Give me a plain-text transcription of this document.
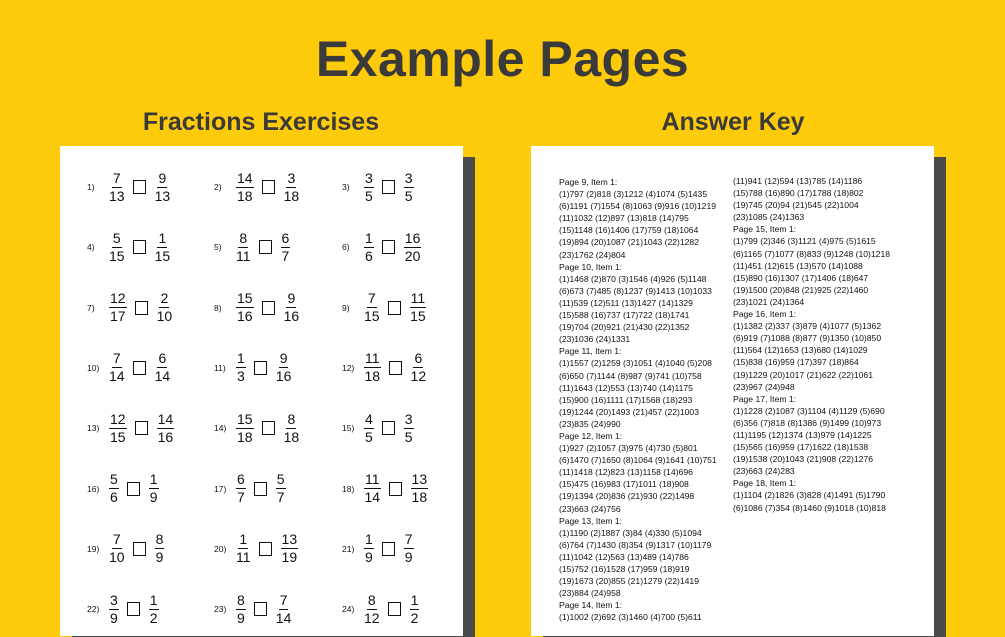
Example Pages
Fractions Exercises	Answer Key
1)	$\frac{7}{13} \frac{9}{13}$	2)	$\frac{14}{18} \frac{3}{18}$	3)	$\frac{3}{5} \frac{3}{5}$
4)	$\frac{5}{15} \frac{1}{15}$	5)	$\frac{8}{11} \frac{6}{7}$	6)	$\frac{1}{6} \frac{16}{20}$
7)	$\frac{12}{17} \frac{2}{10}$	8)	$\frac{15}{16} \frac{9}{16}$	9)	$\frac{7}{15} \frac{11}{15}$
$10) \frac{7}{14} \frac{6}{14}$	$11) \frac{1}{3} \frac{9}{16}$	$12) \frac{11}{18} \frac{6}{12}$
$13) \frac{12}{15} \frac{14}{16}$	$14) \frac{15}{18} \frac{8}{18}$	$15) \frac{4}{5} \frac{3}{5}$
$16) \frac{5}{6} \frac{1}{9}$	$17) \frac{6}{7} \frac{5}{7}$	$18) \frac{11}{14} \frac{13}{18}$
$19) \frac{7}{10} \frac{8}{9}$	$20) \frac{1}{11} \frac{13}{19}$	$21) \frac{1}{9} \frac{7}{9}$
$22) \frac{3}{9} \frac{1}{2}$	$23) \frac{8}{9} \frac{7}{14}$	$24) \frac{8}{12} \frac{1}{2}$
Page 9, Item 1:
(1)797 (2)818 (3)1212 (4)1074 (5)1435
(6)1191 (7)1554 (8)1063 (9)916 (10)1219
(11)1032 (12)897 (13)818 (14)795
(15)1148 (16)1406 (17)759 (18)1064
(19)894 (20)1087 (21)1043 (22)1282
(23)1762 (24)804
Page 10, Item 1:
(1)1468 (2)870 (3)1546 (4)926 (5)1148
(6)673 (7)485 (8)1237 (9)1413 (10)1033
(11)539 (12)511 (13)1427 (14)1329
(15)588 (16)737 (17)722 (18)1741
(19)704 (20)921 (21)430 (22)1352
(23)1036 (24)1331
Page 11, Item 1:
(1)1557 (2)1259 (3)1051 (4)1040 (5)208
(6)650 (7)1144 (8)987 (9)741 (10)758
(11)1643 (12)553 (13)740 (14)1175
(15)900 (16)1111 (17)1568 (18)293
(19)1244 (20)1493 (21)457 (22)1003
(23)835 (24)990
Page 12, Item 1:
(1)927 (2)1057 (3)975 (4)730 (5)801
(6)1470 (7)1650 (8)1064 (9)1641 (10)751
(11)1418 (12)823 (13)1158 (14)696
(15)475 (16)983 (17)1011 (18)908
(19)1394 (20)836 (21)930 (22)1498
(23)663 (24)756
Page 13, Item 1:
(1)1190 (2)1887 (3)84 (4)330 (5)1094
(6)764 (7)1430 (8)354 (9)1317 (10)1179
(11)1042 (12)563 (13)489 (14)786
(15)752 (16)1528 (17)959 (18)919
(19)1673 (20)855 (21)1279 (22)1419
(23)884 (24)958
Page 14, Item 1:
(1)1002 (2)692 (3)1460 (4)700 (5)611
(11)941 (12)594 (13)785 (14)1186
(15)788 (16)890 (17)1788 (18)802
(19)745 (20)94 (21)545 (22)1004
(23)1085 (24)1363
Page 15, Item 1:
(1)799 (2)346 (3)1121 (4)975 (5)1615
(6)1165 (7)1077 (8)833 (9)1248 (10)1218
(11)451 (12)615 (13)570 (14)1088
(15)890 (16)1307 (17)1406 (18)647
(19)1500 (20)848 (21)925 (22)1460
(23)1021 (24)1364
Page 16, Item 1:
(1)1382 (2)337 (3)879 (4)1077 (5)1362
(6)919 (7)1088 (8)877 (9)1350 (10)850
(11)564 (12)1653 (13)680 (14)1029
(15)838 (16)959 (17)397 (18)864
(19)1229 (20)1017 (21)622 (22)1061
(23)967 (24)948
Page 17, Item 1:
(1)1228 (2)1087 (3)1104 (4)1129 (5)690
(6)356 (7)818 (8)1386 (9)1499 (10)973
(11)1195 (12)1374 (13)979 (14)1225
(15)565 (16)959 (17)1622 (18)1538
(19)1538 (20)1043 (21)908 (22)1276
(23)663 (24)283
Page 18, Item 1:
(1)1104 (2)1826 (3)828 (4)1491 (5)1790
(6)1086 (7)354 (8)1460 (9)1018 (10)818
